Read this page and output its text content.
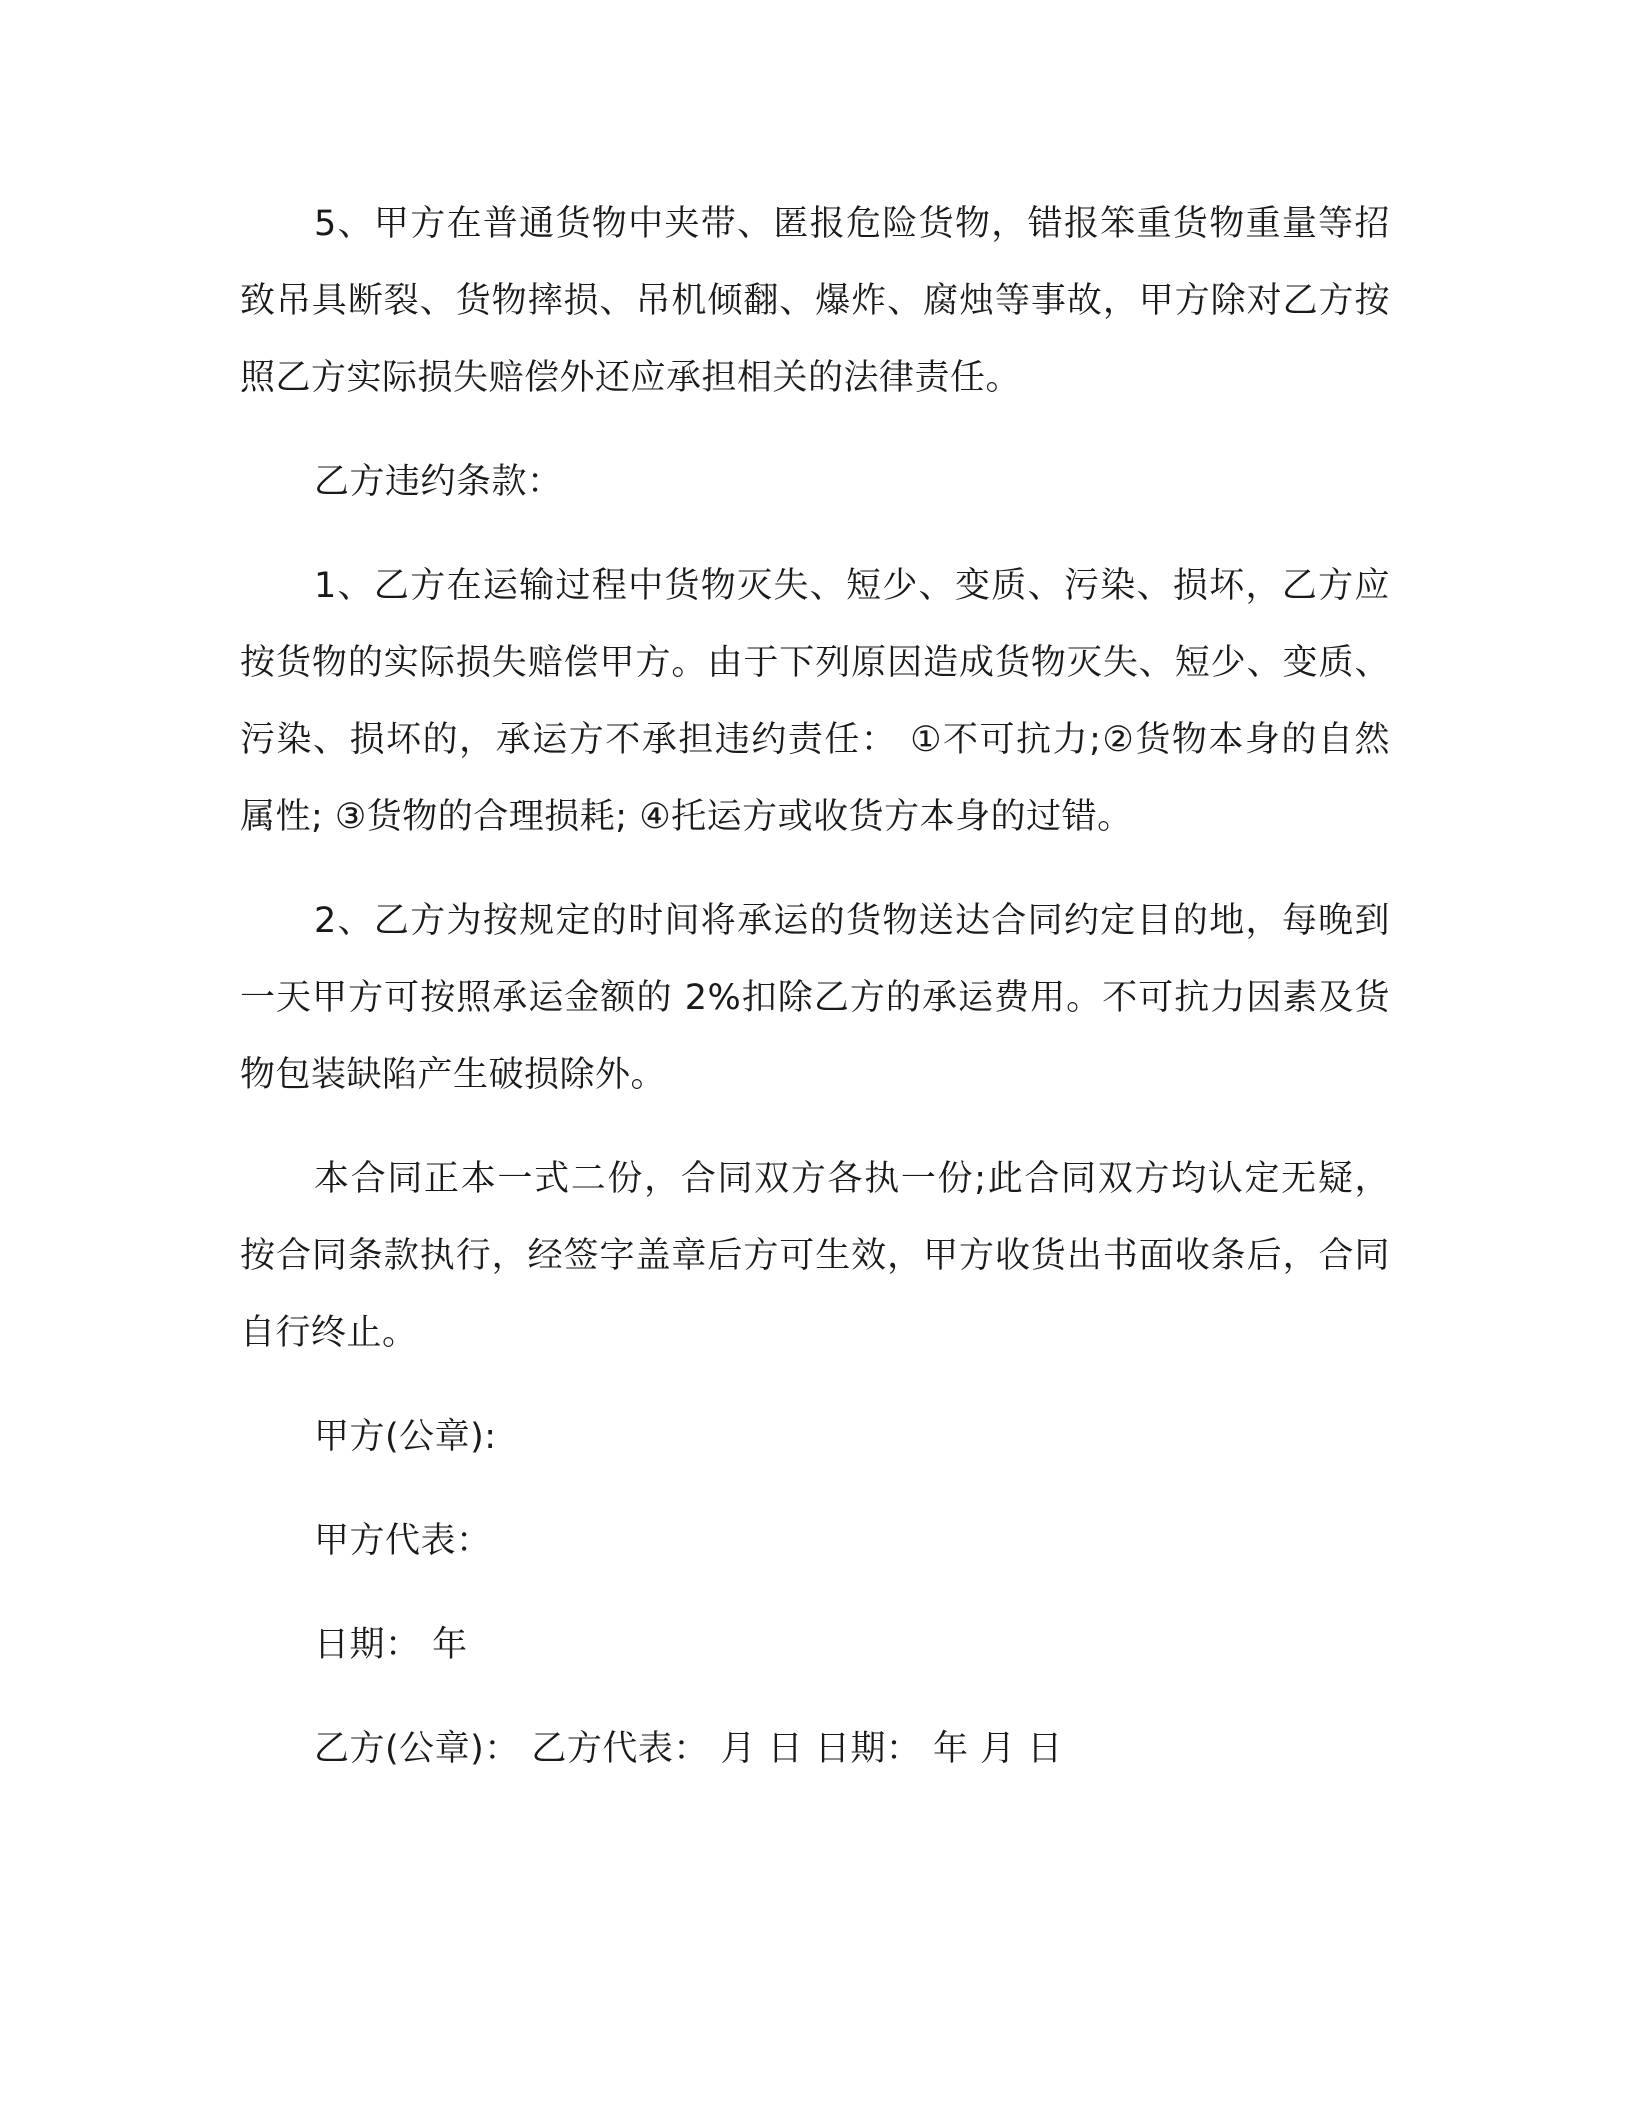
5、甲方在普通货物中夹带、匿报危险货物，错报笨重货物重量等招致吊具断裂、货物摔损、吊机倾翻、爆炸、腐烛等事故，甲方除对乙方按照乙方实际损失赔偿外还应承担相关的法律责任。

乙方违约条款：

1、乙方在运输过程中货物灭失、短少、变质、污染、损坏，乙方应按货物的实际损失赔偿甲方。由于下列原因造成货物灭失、短少、变质、污染、损坏的，承运方不承担违约责任： ①不可抗力;②货物本身的自然属性; ③货物的合理损耗; ④托运方或收货方本身的过错。

2、乙方为按规定的时间将承运的货物送达合同约定目的地，每晚到一天甲方可按照承运金额的 2%扣除乙方的承运费用。不可抗力因素及货物包装缺陷产生破损除外。

本合同正本一式二份，合同双方各执一份;此合同双方均认定无疑，按合同条款执行，经签字盖章后方可生效，甲方收货出书面收条后，合同自行终止。

甲方(公章):
甲方代表：
日期： 年
乙方(公章)： 乙方代表： 月 日 日期： 年 月 日
